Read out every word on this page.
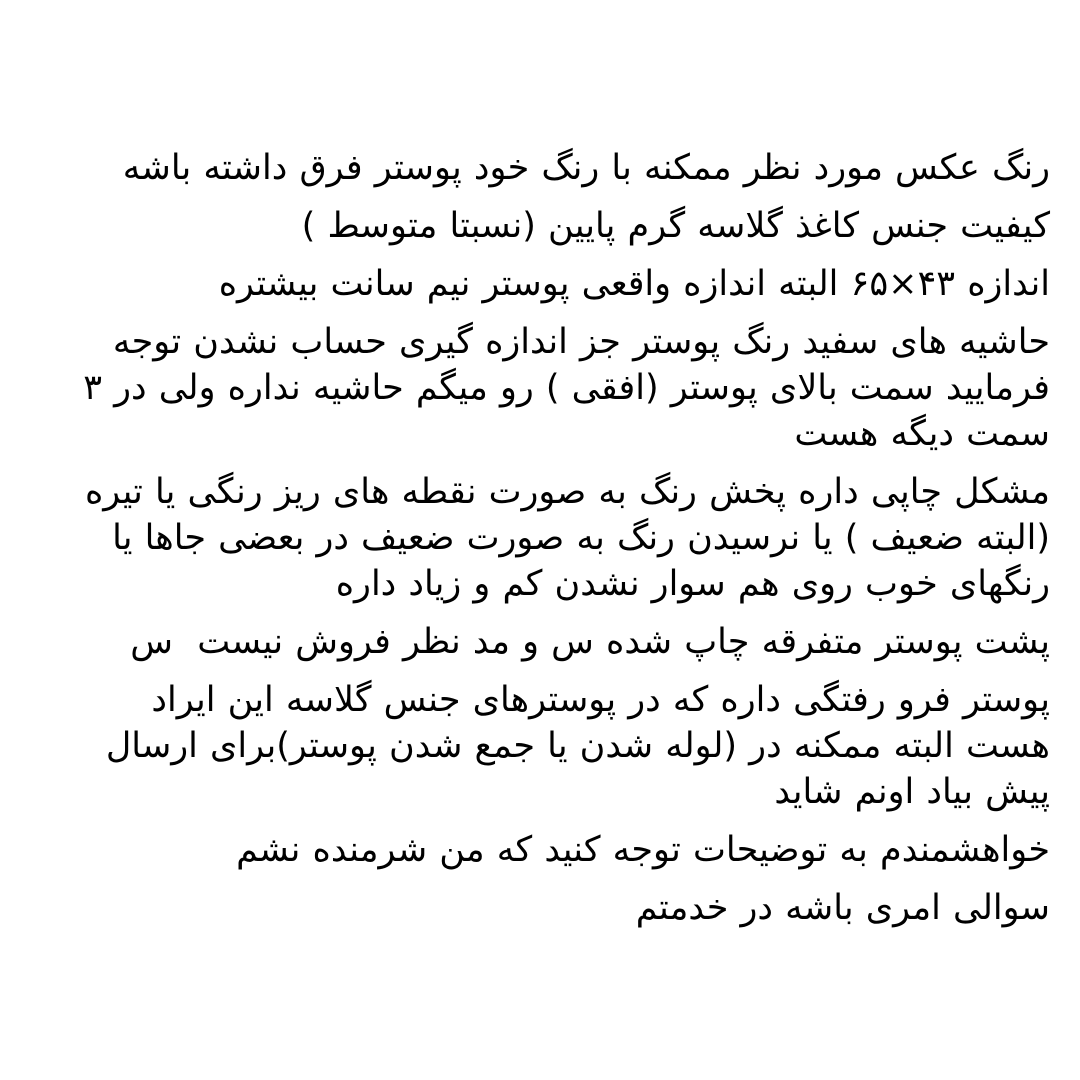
رنگ عکس مورد نظر ممکنه با رنگ خود پوستر فرق داشته باشه

کیفیت جنس کاغذ گلاسه گرم پایین (نسبتا متوسط )

اندازه ۴۳×۶۵ البته اندازه واقعی پوستر نیم سانت بیشتره

حاشیه های سفید رنگ پوستر جز اندازه گیری حساب نشدن توجه
فرمایید سمت بالای پوستر (افقی ) رو میگم حاشیه نداره ولی در ۳
سمت دیگه هست

مشکل چاپی داره پخش رنگ به صورت نقطه های ریز رنگی یا تیره
(البته ضعیف ) یا نرسیدن رنگ به صورت ضعیف در بعضی جاها یا
رنگهای خوب روی هم سوار نشدن کم و زیاد داره

پشت پوستر متفرقه چاپ شده س و مد نظر فروش نیست  س

پوستر فرو رفتگی داره که در پوسترهای جنس گلاسه این ایراد
هست البته ممکنه در (لوله شدن یا جمع شدن پوستر)برای ارسال
پیش بیاد اونم شاید

خواهشمندم به توضیحات توجه کنید که من شرمنده نشم

سوالی امری باشه در خدمتم
